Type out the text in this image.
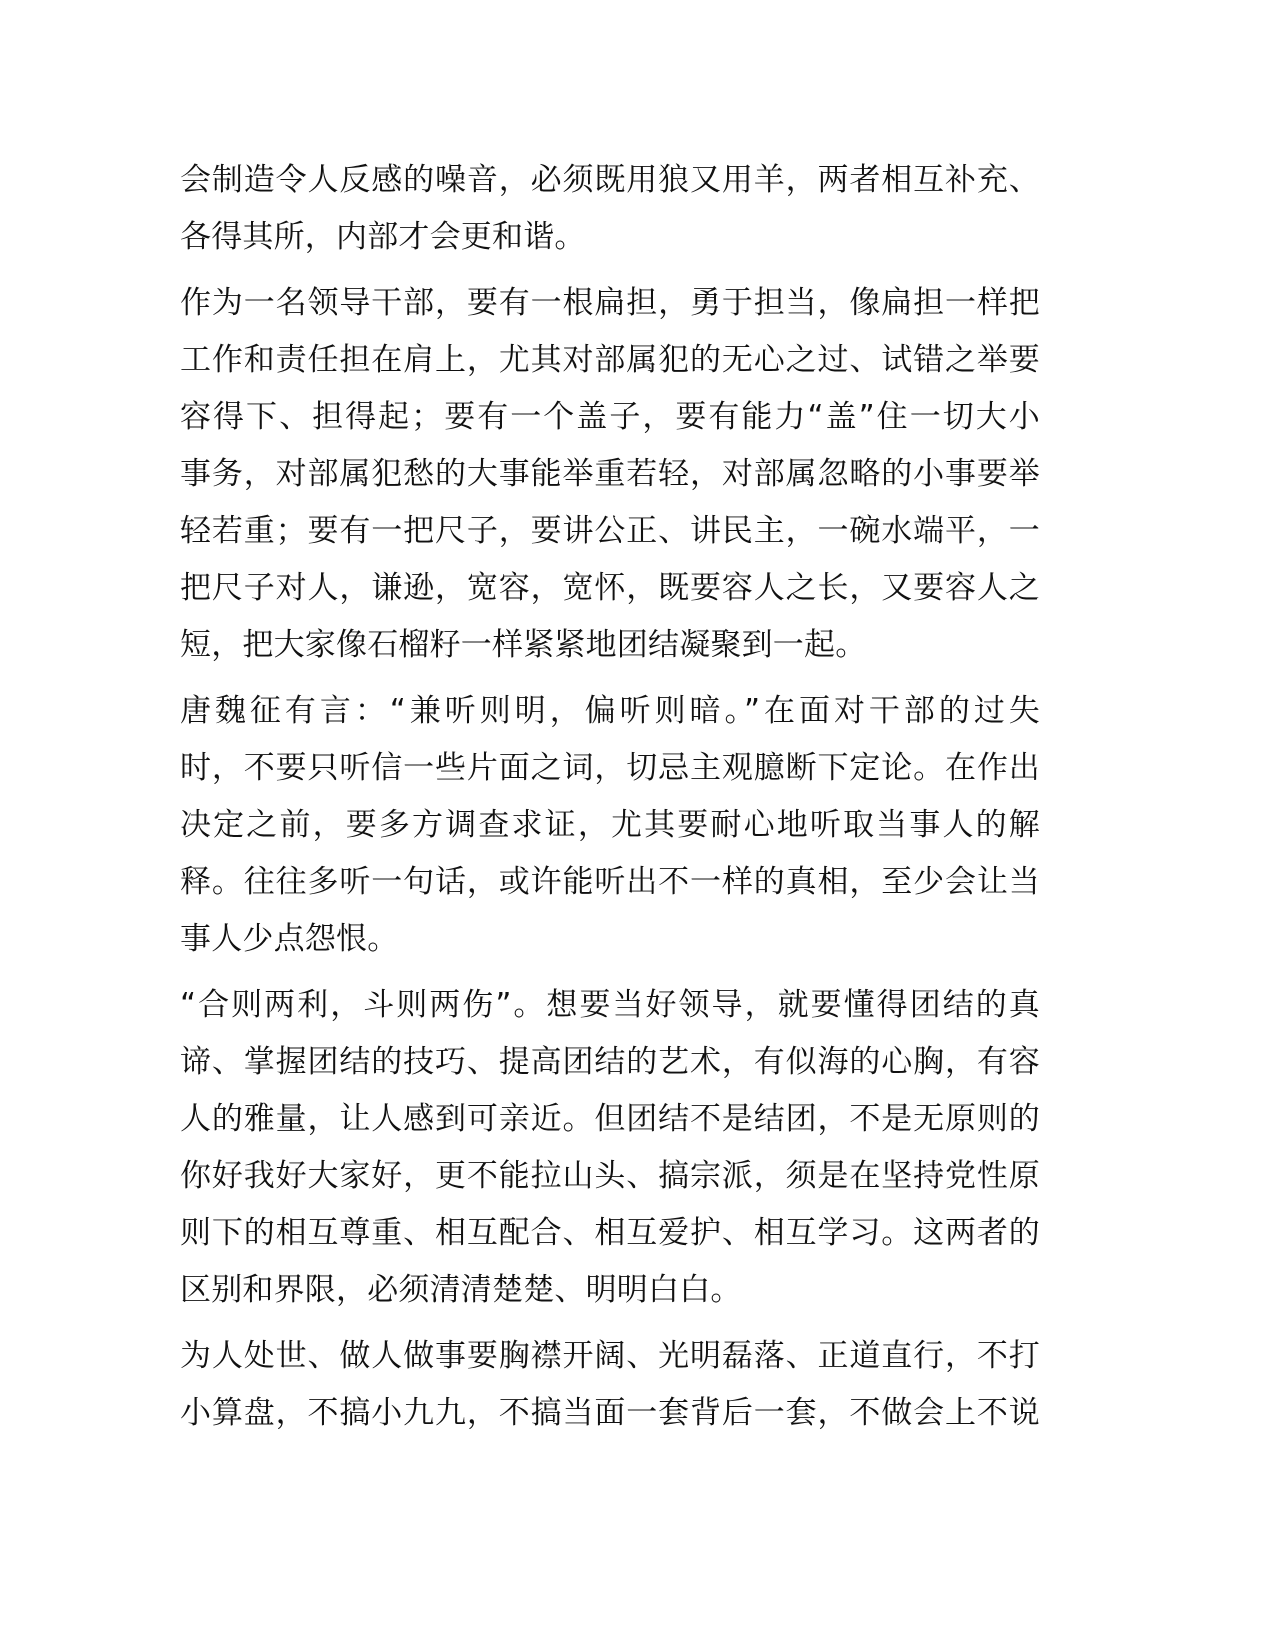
会制造令人反感的噪音，必须既用狼又用羊，两者相互补充、
各得其所，内部才会更和谐。

作为一名领导干部，要有一根扁担，勇于担当，像扁担一样把
工作和责任担在肩上，尤其对部属犯的无心之过、试错之举要
容得下、担得起；要有一个盖子，要有能力“盖”住一切大小
事务，对部属犯愁的大事能举重若轻，对部属忽略的小事要举
轻若重；要有一把尺子，要讲公正、讲民主，一碗水端平，一
把尺子对人，谦逊，宽容，宽怀，既要容人之长，又要容人之
短，把大家像石榴籽一样紧紧地团结凝聚到一起。

唐魏征有言：“兼听则明，偏听则暗。”在面对干部的过失
时，不要只听信一些片面之词，切忌主观臆断下定论。在作出
决定之前，要多方调查求证，尤其要耐心地听取当事人的解
释。往往多听一句话，或许能听出不一样的真相，至少会让当
事人少点怨恨。

“合则两利，斗则两伤”。想要当好领导，就要懂得团结的真
谛、掌握团结的技巧、提高团结的艺术，有似海的心胸，有容
人的雅量，让人感到可亲近。但团结不是结团，不是无原则的
你好我好大家好，更不能拉山头、搞宗派，须是在坚持党性原
则下的相互尊重、相互配合、相互爱护、相互学习。这两者的
区别和界限，必须清清楚楚、明明白白。

为人处世、做人做事要胸襟开阔、光明磊落、正道直行，不打
小算盘，不搞小九九，不搞当面一套背后一套，不做会上不说
